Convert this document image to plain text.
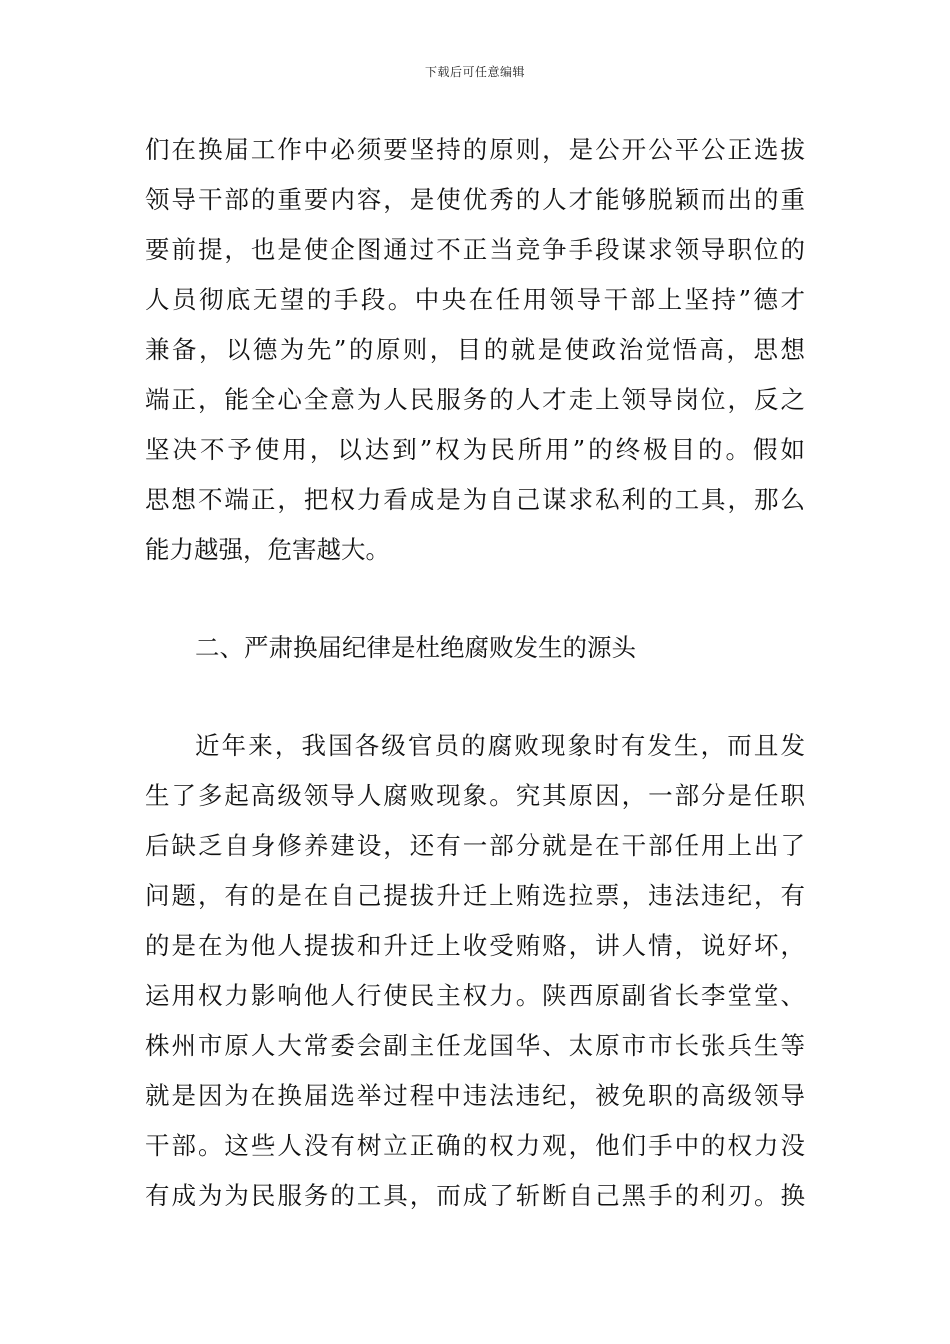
下载后可任意编辑
们在换届工作中必须要坚持的原则，是公开公平公正选拔
领导干部的重要内容，是使优秀的人才能够脱颖而出的重
要前提，也是使企图通过不正当竞争手段谋求领导职位的
人员彻底无望的手段。中央在任用领导干部上坚持”德才
兼备，以德为先”的原则，目的就是使政治觉悟高，思想
端正，能全心全意为人民服务的人才走上领导岗位，反之
坚决不予使用，以达到”权为民所用”的终极目的。假如
思想不端正，把权力看成是为自己谋求私利的工具，那么
能力越强，危害越大。
二、严肃换届纪律是杜绝腐败发生的源头
近年来，我国各级官员的腐败现象时有发生，而且发
生了多起高级领导人腐败现象。究其原因，一部分是任职
后缺乏自身修养建设，还有一部分就是在干部任用上出了
问题，有的是在自己提拔升迁上贿选拉票，违法违纪，有
的是在为他人提拔和升迁上收受贿赂，讲人情，说好坏，
运用权力影响他人行使民主权力。陕西原副省长李堂堂、
株州市原人大常委会副主任龙国华、太原市市长张兵生等
就是因为在换届选举过程中违法违纪，被免职的高级领导
干部。这些人没有树立正确的权力观，他们手中的权力没
有成为为民服务的工具，而成了斩断自己黑手的利刃。换
